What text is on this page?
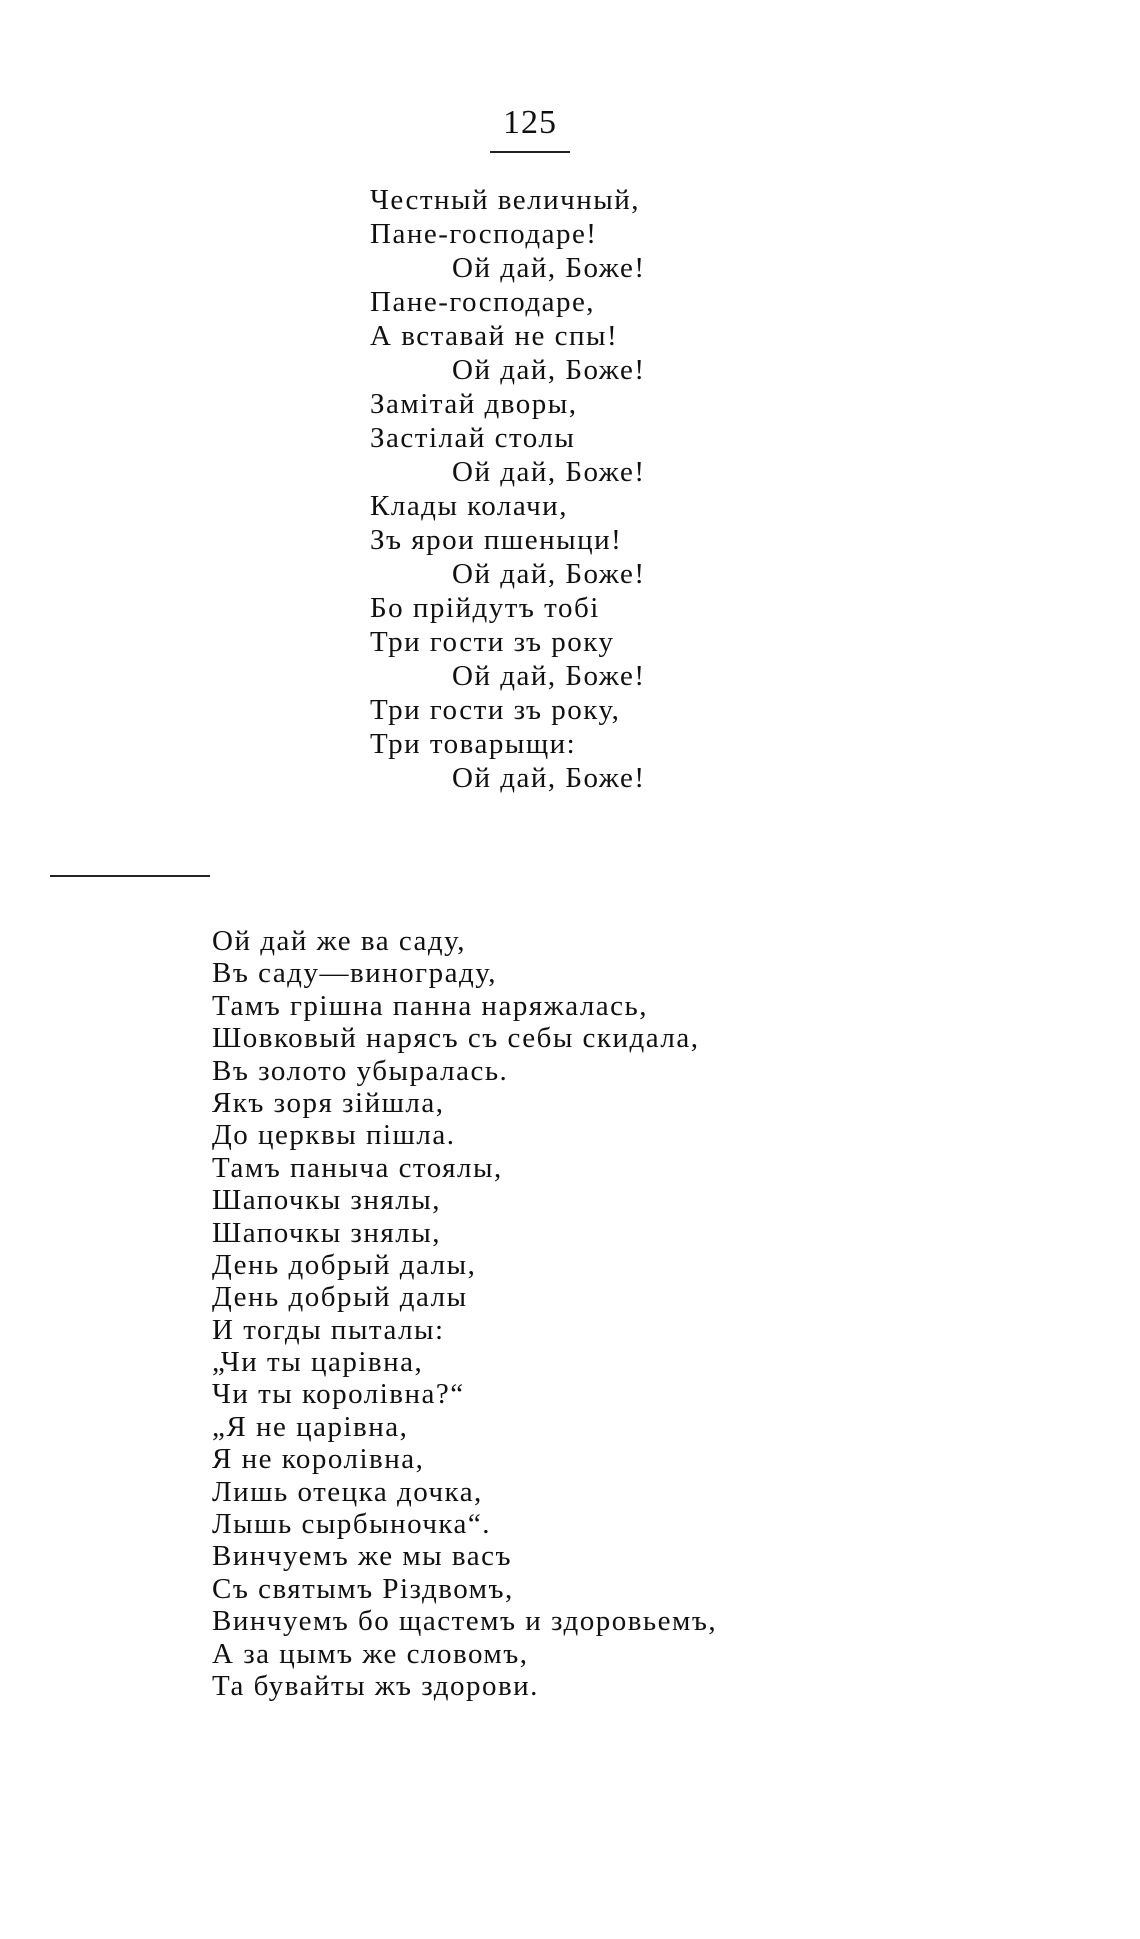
125
Честный величный,
Пане-господаре!
Ой дай, Боже!
Пане-господаре,
А вставай не спы!
Ой дай, Боже!
Замітай дворы,
Застілай столы
Ой дай, Боже!
Клады колачи,
Зъ ярои пшеныци!
Ой дай, Боже!
Бо прійдутъ тобі
Три гости зъ року
Ой дай, Боже!
Три гости зъ року,
Три товарыщи:
Ой дай, Боже!
Ой дай же ва саду,
Въ саду—винограду,
Тамъ грішна панна наряжалась,
Шовковый нарясъ съ себы скидала,
Въ золото убыралась.
Якъ зоря зійшла,
До церквы пішла.
Тамъ паныча стоялы,
Шапочкы знялы,
Шапочкы знялы,
День добрый далы,
День добрый далы
И тогды пыталы:
„Чи ты царівна,
Чи ты королівна?“
„Я не царівна,
Я не королівна,
Лишь отецка дочка,
Лышь сырбыночка“.
Винчуемъ же мы васъ
Съ святымъ Різдвомъ,
Винчуемъ бо щастемъ и здоровьемъ,
А за цымъ же словомъ,
Та бувайты жъ здорови.
